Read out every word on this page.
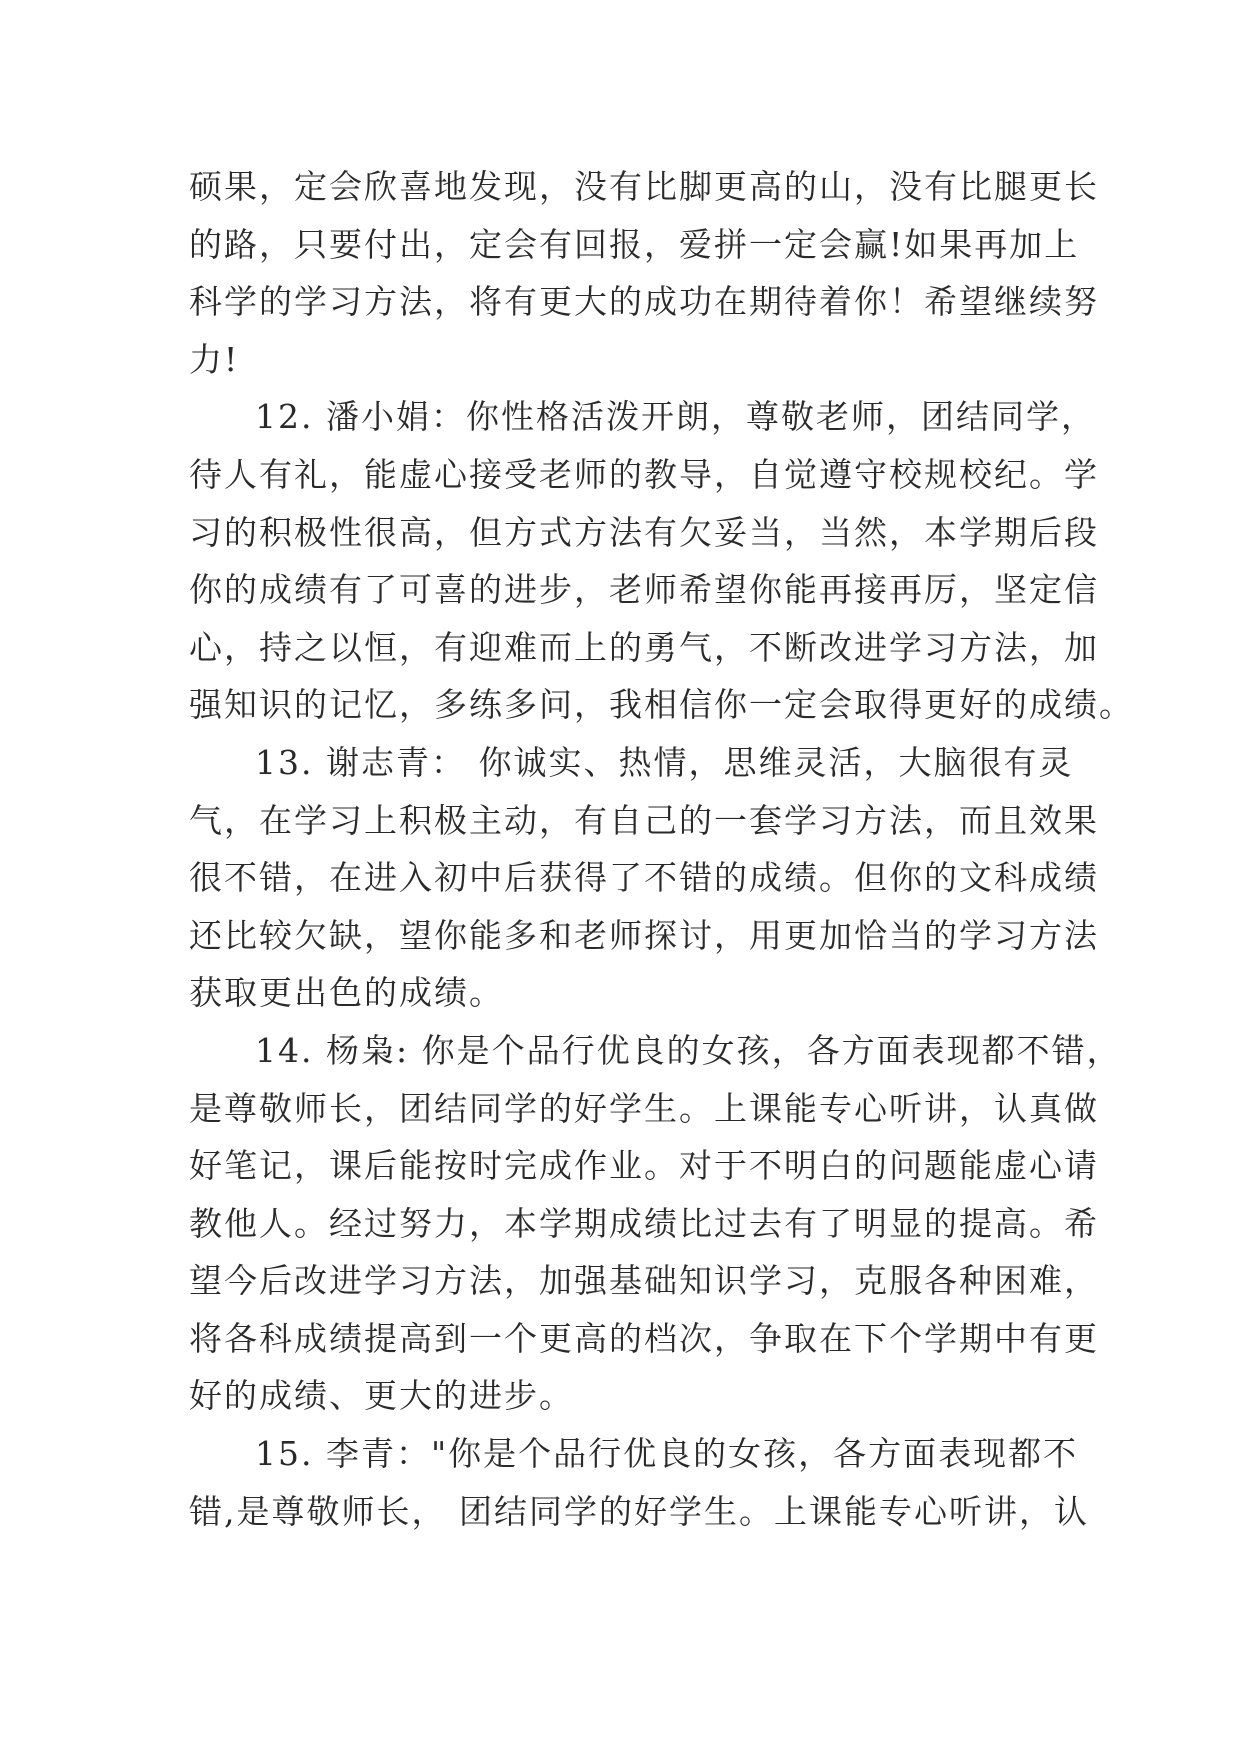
硕果，定会欣喜地发现，没有比脚更高的山，没有比腿更长
的路，只要付出，定会有回报，爱拼一定会赢!如果再加上
科学的学习方法，将有更大的成功在期待着你！希望继续努
力!

12. 潘小娟：你性格活泼开朗，尊敬老师，团结同学，
待人有礼，能虚心接受老师的教导，自觉遵守校规校纪。学
习的积极性很高，但方式方法有欠妥当，当然，本学期后段
你的成绩有了可喜的进步，老师希望你能再接再厉，坚定信
心，持之以恒，有迎难而上的勇气，不断改进学习方法，加
强知识的记忆，多练多问，我相信你一定会取得更好的成绩。

13. 谢志青： 你诚实、热情，思维灵活，大脑很有灵
气，在学习上积极主动，有自己的一套学习方法，而且效果
很不错，在进入初中后获得了不错的成绩。但你的文科成绩
还比较欠缺，望你能多和老师探讨，用更加恰当的学习方法
获取更出色的成绩。

14. 杨枭: 你是个品行优良的女孩，各方面表现都不错，
是尊敬师长，团结同学的好学生。上课能专心听讲，认真做
好笔记，课后能按时完成作业。对于不明白的问题能虚心请
教他人。经过努力，本学期成绩比过去有了明显的提高。希
望今后改进学习方法，加强基础知识学习，克服各种困难，
将各科成绩提高到一个更高的档次，争取在下个学期中有更
好的成绩、更大的进步。

15. 李青："你是个品行优良的女孩，各方面表现都不
错,是尊敬师长， 团结同学的好学生。上课能专心听讲，认
